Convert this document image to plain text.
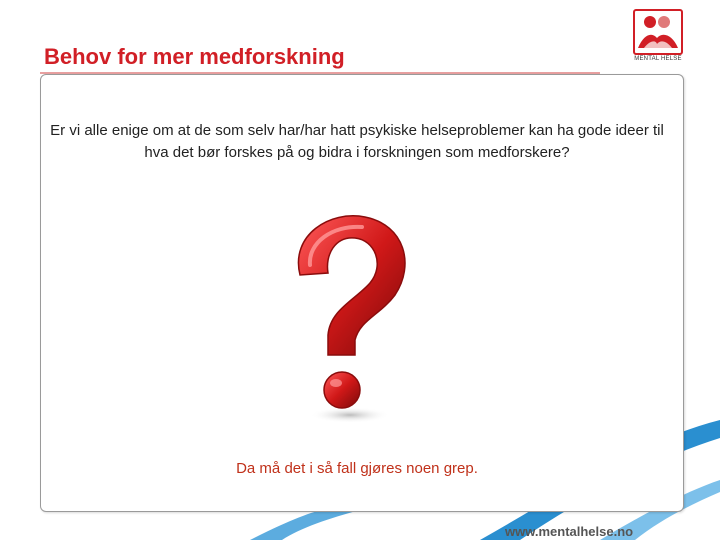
Behov for mer medforskning	MENTAL HELSE
Er vi alle enige om at de som selv har/har hatt psykiske helseproblemer kan ha gode ideer til hva det bør forskes på og bidra i forskningen som medforskere?
Da må det i så fall gjøres noen grep.
www.mentalhelse.no
